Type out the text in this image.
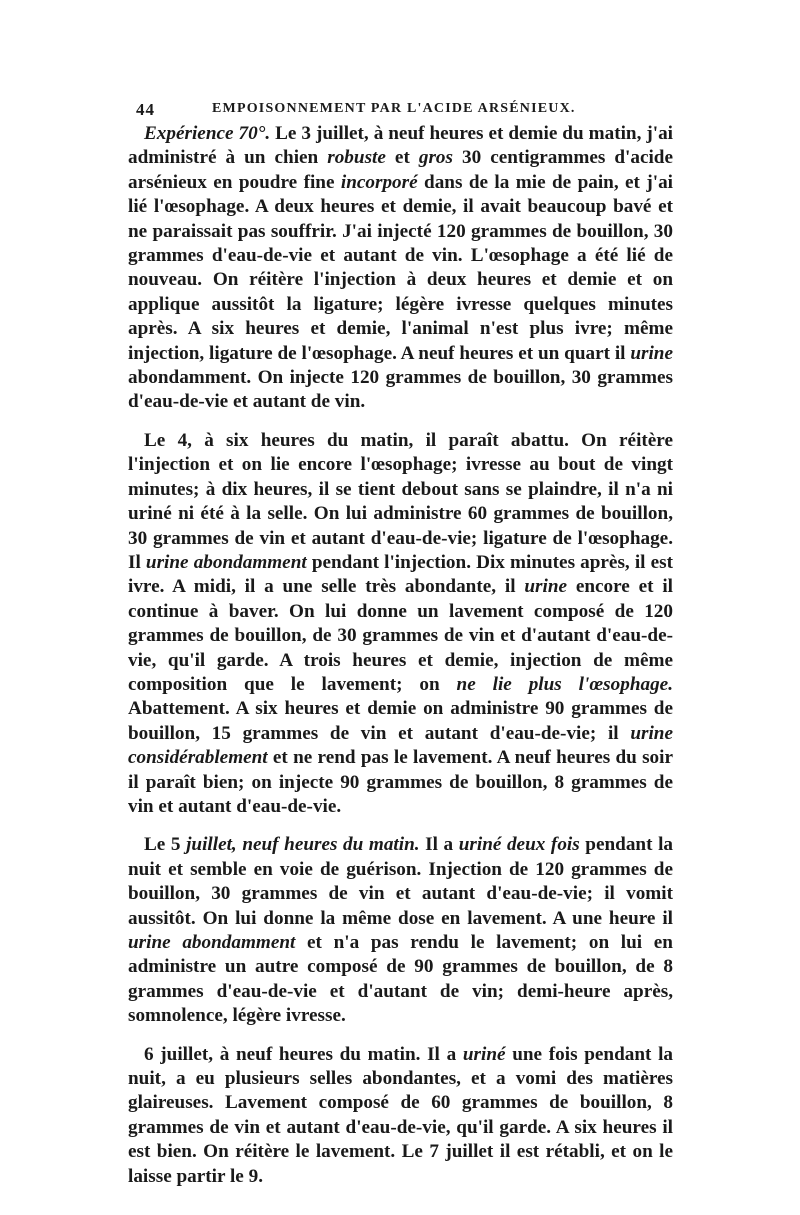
44	EMPOISONNEMENT PAR L'ACIDE ARSÉNIEUX.

Expérience 70°. Le 3 juillet, à neuf heures et demie du matin, j'ai administré à un chien robuste et gros 30 centigrammes d'acide arsénieux en poudre fine incorporé dans de la mie de pain, et j'ai lié l'œsophage. A deux heures et demie, il avait beaucoup bavé et ne paraissait pas souffrir. J'ai injecté 120 grammes de bouillon, 30 grammes d'eau-de-vie et autant de vin. L'œsophage a été lié de nouveau. On réitère l'injection à deux heures et demie et on applique aussitôt la ligature; légère ivresse quelques minutes après. A six heures et demie, l'animal n'est plus ivre; même injection, ligature de l'œsophage. A neuf heures et un quart il urine abondamment. On injecte 120 grammes de bouillon, 30 grammes d'eau-de-vie et autant de vin.

Le 4, à six heures du matin, il paraît abattu. On réitère l'injection et on lie encore l'œsophage; ivresse au bout de vingt minutes; à dix heures, il se tient debout sans se plaindre, il n'a ni uriné ni été à la selle. On lui administre 60 grammes de bouillon, 30 grammes de vin et autant d'eau-de-vie; ligature de l'œsophage. Il urine abondamment pendant l'injection. Dix minutes après, il est ivre. A midi, il a une selle très abondante, il urine encore et il continue à baver. On lui donne un lavement composé de 120 grammes de bouillon, de 30 grammes de vin et d'autant d'eau-de-vie, qu'il garde. A trois heures et demie, injection de même composition que le lavement; on ne lie plus l'œsophage. Abattement. A six heures et demie on administre 90 grammes de bouillon, 15 grammes de vin et autant d'eau-de-vie; il urine considérablement et ne rend pas le lavement. A neuf heures du soir il paraît bien; on injecte 90 grammes de bouillon, 8 grammes de vin et autant d'eau-de-vie.

Le 5 juillet, neuf heures du matin. Il a uriné deux fois pendant la nuit et semble en voie de guérison. Injection de 120 grammes de bouillon, 30 grammes de vin et autant d'eau-de-vie; il vomit aussitôt. On lui donne la même dose en lavement. A une heure il urine abondamment et n'a pas rendu le lavement; on lui en administre un autre composé de 90 grammes de bouillon, de 8 grammes d'eau-de-vie et d'autant de vin; demi-heure après, somnolence, légère ivresse.

6 juillet, à neuf heures du matin. Il a uriné une fois pendant la nuit, a eu plusieurs selles abondantes, et a vomi des matières glaireuses. Lavement composé de 60 grammes de bouillon, 8 grammes de vin et autant d'eau-de-vie, qu'il garde. A six heures il est bien. On réitère le lavement. Le 7 juillet il est rétabli, et on le laisse partir le 9.
